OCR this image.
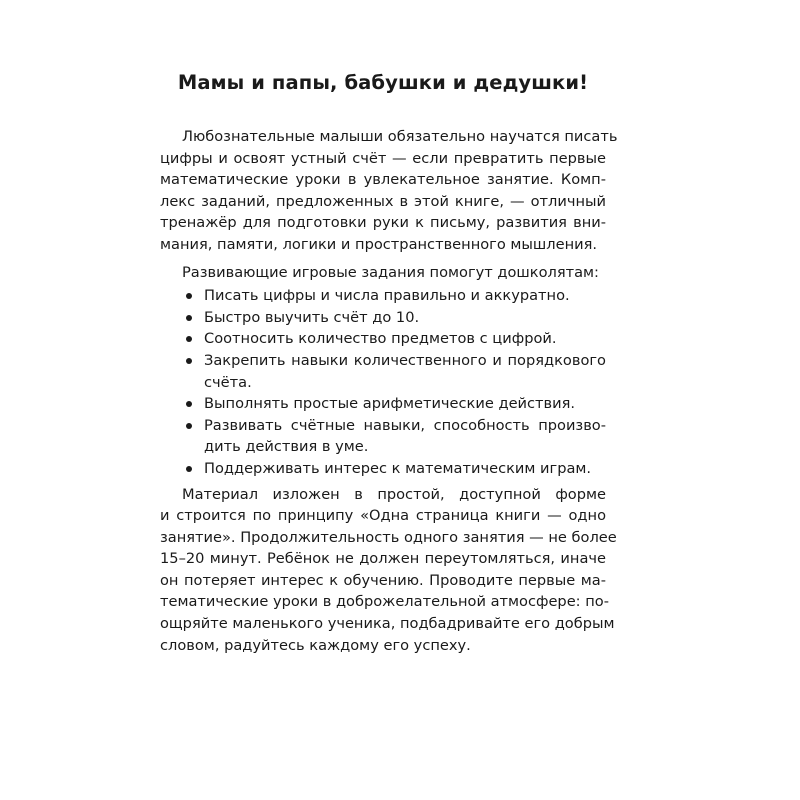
Мамы и папы, бабушки и дедушки!

Любознательные малыши обязательно научатся писать
цифры и освоят устный счёт — если превратить первые
математические уроки в увлекательное занятие. Комп-
лекс заданий, предложенных в этой книге, — отличный
тренажёр для подготовки руки к письму, развития вни-
мания, памяти, логики и пространственного мышления.

Развивающие игровые задания помогут дошколятам:
Писать цифры и числа правильно и аккуратно.
Быстро выучить счёт до 10.
Соотносить количество предметов с цифрой.
Закрепить навыки количественного и порядкового
счёта.
Выполнять простые арифметические действия.
Развивать счётные навыки, способность произво-
дить действия в уме.
Поддерживать интерес к математическим играм.

Материал изложен в простой, доступной форме
и строится по принципу «Одна страница книги — одно
занятие». Продолжительность одного занятия — не более
15–20 минут. Ребёнок не должен переутомляться, иначе
он потеряет интерес к обучению. Проводите первые ма-
тематические уроки в доброжелательной атмосфере: по-
ощряйте маленького ученика, подбадривайте его добрым
словом, радуйтесь каждому его успеху.
